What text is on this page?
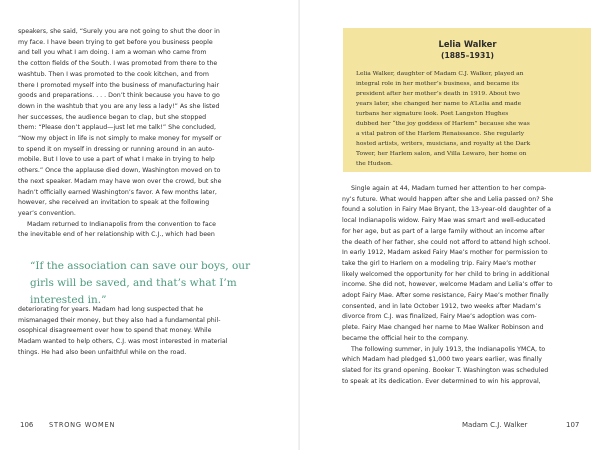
speakers, she said, “Surely you are not going to shut the door in
my face. I have been trying to get before you business people
and tell you what I am doing. I am a woman who came from
the cotton fields of the South. I was promoted from there to the
washtub. Then I was promoted to the cook kitchen, and from
there I promoted myself into the business of manufacturing hair
goods and preparations. . . . Don’t think because you have to go
down in the washtub that you are any less a lady!” As she listed
her successes, the audience began to clap, but she stopped
them: “Please don’t applaud—just let me talk!” She concluded,
“Now my object in life is not simply to make money for myself or
to spend it on myself in dressing or running around in an auto-
mobile. But I love to use a part of what I make in trying to help
others.” Once the applause died down, Washington moved on to
the next speaker. Madam may have won over the crowd, but she
hadn’t officially earned Washington’s favor. A few months later,
however, she received an invitation to speak at the following
year’s convention.
Madam returned to Indianapolis from the convention to face
the inevitable end of her relationship with C.J., which had been
“If the association can save our boys, our
girls will be saved, and that’s what I’m
interested in.”
deteriorating for years. Madam had long suspected that he
mismanaged their money, but they also had a fundamental phil-
osophical disagreement over how to spend that money. While
Madam wanted to help others, C.J. was most interested in material
things. He had also been unfaithful while on the road.
106 STRONG WOMEN
Lelia Walker
(1885–1931)
Lelia Walker, daughter of Madam C.J. Walker, played an
integral role in her mother’s business, and became its
president after her mother’s death in 1919. About two
years later, she changed her name to A’Lelia and made
turbans her signature look. Poet Langston Hughes
dubbed her “the joy goddess of Harlem” because she was
a vital patron of the Harlem Renaissance. She regularly
hosted artists, writers, musicians, and royalty at the Dark
Tower, her Harlem salon, and Villa Lewaro, her home on
the Hudson.
Single again at 44, Madam turned her attention to her compa-
ny’s future. What would happen after she and Lelia passed on? She
found a solution in Fairy Mae Bryant, the 13-year-old daughter of a
local Indianapolis widow. Fairy Mae was smart and well-educated
for her age, but as part of a large family without an income after
the death of her father, she could not afford to attend high school.
In early 1912, Madam asked Fairy Mae’s mother for permission to
take the girl to Harlem on a modeling trip. Fairy Mae’s mother
likely welcomed the opportunity for her child to bring in additional
income. She did not, however, welcome Madam and Lelia’s offer to
adopt Fairy Mae. After some resistance, Fairy Mae’s mother finally
consented, and in late October 1912, two weeks after Madam’s
divorce from C.J. was finalized, Fairy Mae’s adoption was com-
plete. Fairy Mae changed her name to Mae Walker Robinson and
became the official heir to the company.
The following summer, in July 1913, the Indianapolis YMCA, to
which Madam had pledged $1,000 two years earlier, was finally
slated for its grand opening. Booker T. Washington was scheduled
to speak at its dedication. Ever determined to win his approval,
Madam C.J. Walker	107
